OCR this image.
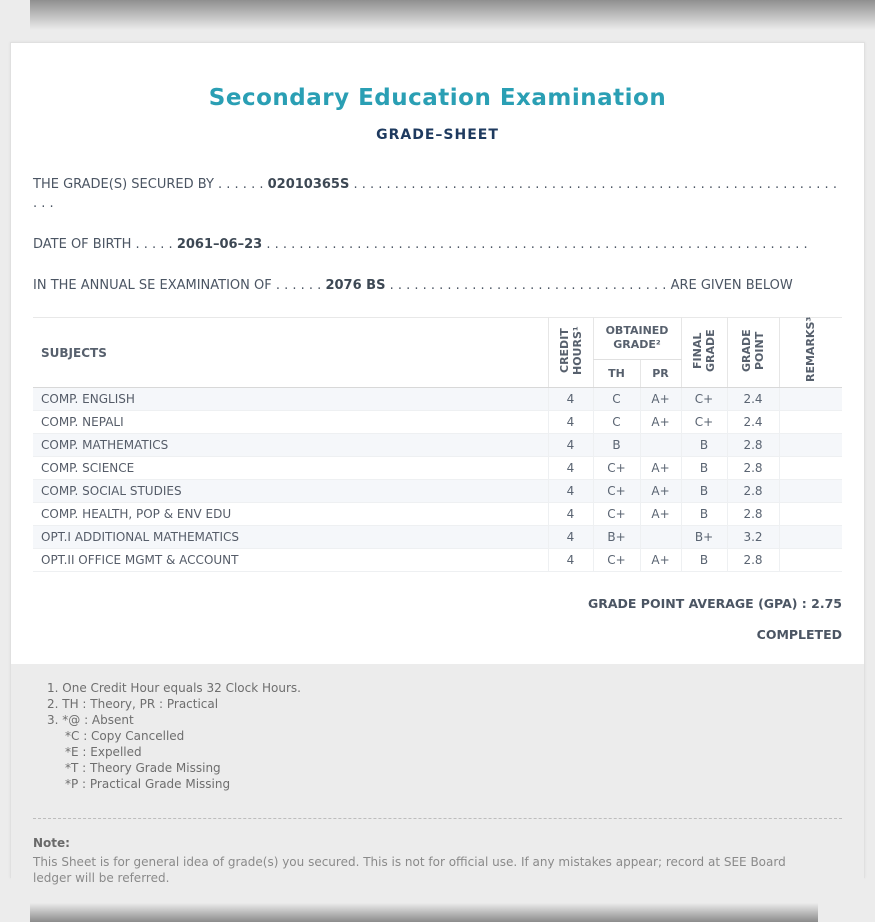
Secondary Education Examination
GRADE–SHEET
THE GRADE(S) SECURED BY . . . . . . 02010365S . . . . . . . . . . . . . . . . . . . . . . . . . . . . . . . . . . . . . . . . . . . . . . . . . . . . . . . . . . . . . .
DATE OF BIRTH . . . . . 2061–06–23 . . . . . . . . . . . . . . . . . . . . . . . . . . . . . . . . . . . . . . . . . . . . . . . . . . . . . . . . . . . . . . . . . .
IN THE ANNUAL SE EXAMINATION OF . . . . . . 2076 BS . . . . . . . . . . . . . . . . . . . . . . . . . . . . . . . . . . ARE GIVEN BELOW
SUBJECTS	CREDIT HOURS¹	OBTAINED GRADE²		FINAL GRADE	GRADE POINT	REMARKS³
		TH	PR			
COMP. ENGLISH	4	C	A+	C+	2.4	
COMP. NEPALI	4	C	A+	C+	2.4	
COMP. MATHEMATICS	4	B		B	2.8	
COMP. SCIENCE	4	C+	A+	B	2.8	
COMP. SOCIAL STUDIES	4	C+	A+	B	2.8	
COMP. HEALTH, POP & ENV EDU	4	C+	A+	B	2.8	
OPT.I ADDITIONAL MATHEMATICS	4	B+		B+	3.2	
OPT.II OFFICE MGMT & ACCOUNT	4	C+	A+	B	2.8	
GRADE POINT AVERAGE (GPA) : 2.75
COMPLETED
1. One Credit Hour equals 32 Clock Hours.
2. TH : Theory, PR : Practical
3. *@ : Absent
*C : Copy Cancelled
*E : Expelled
*T : Theory Grade Missing
*P : Practical Grade Missing
Note:
This Sheet is for general idea of grade(s) you secured. This is not for official use. If any mistakes appear; record at SEE Board ledger will be referred.
